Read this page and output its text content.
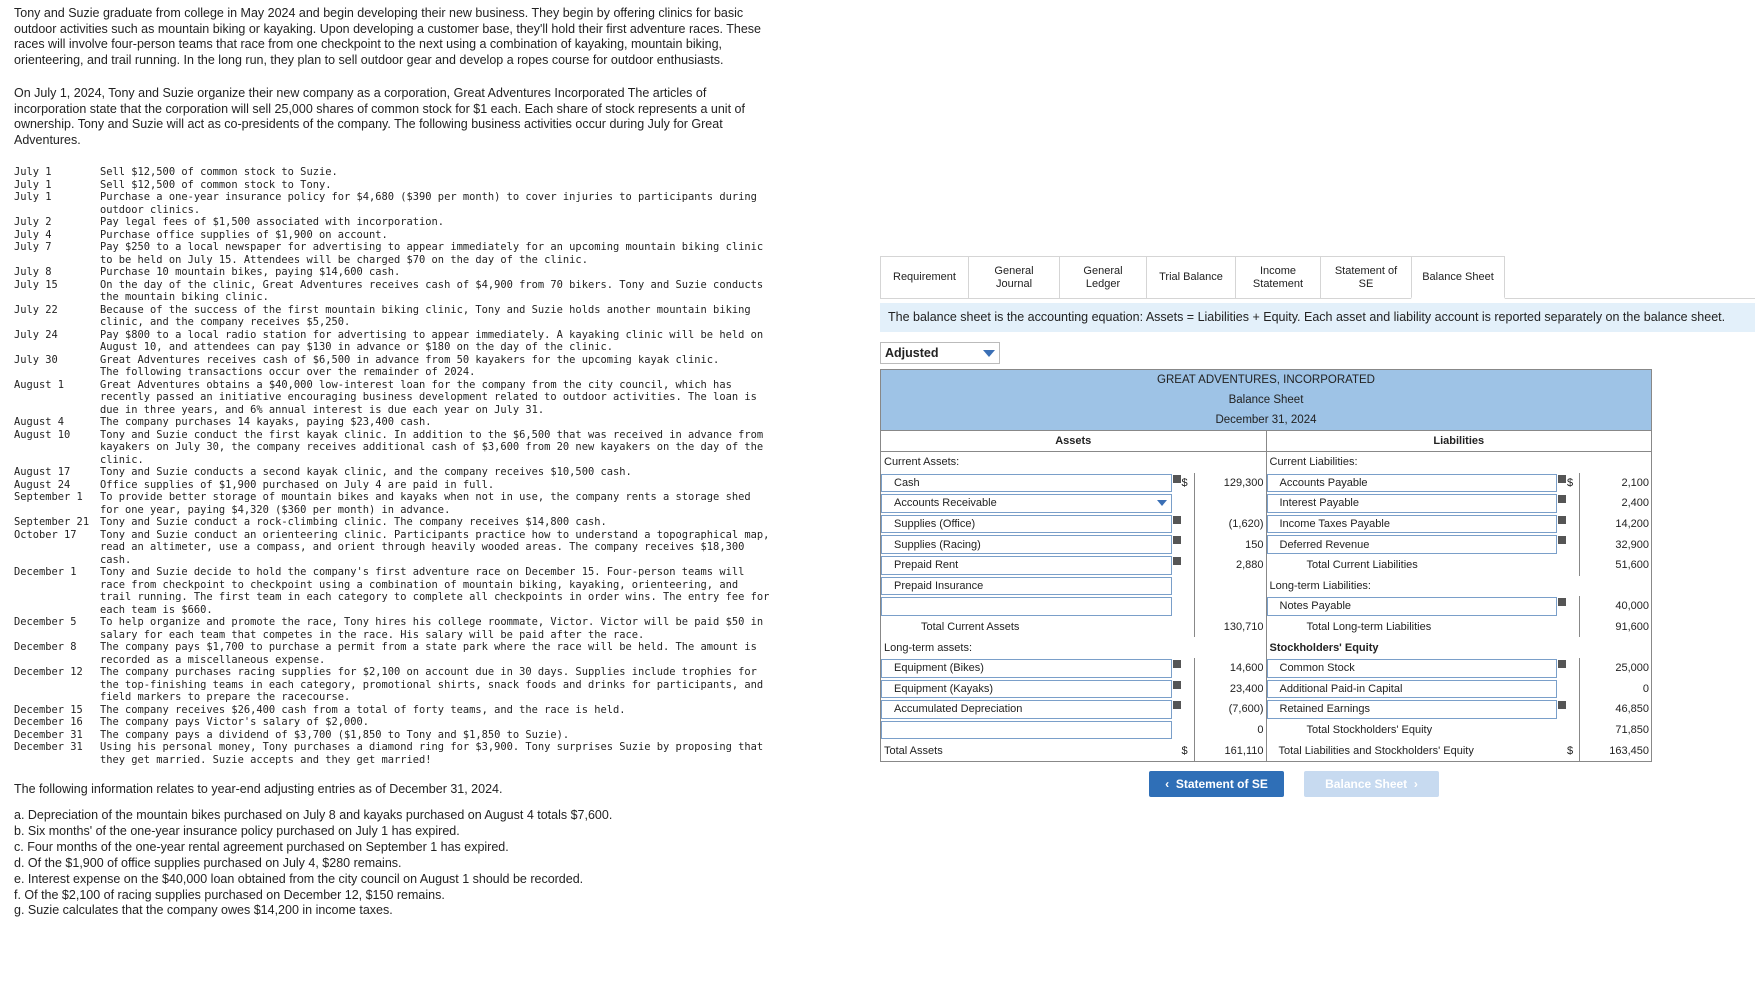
Tony and Suzie graduate from college in May 2024 and begin developing their new business. They begin by offering clinics for basic outdoor activities such as mountain biking or kayaking. Upon developing a customer base, they'll hold their first adventure races. These races will involve four-person teams that race from one checkpoint to the next using a combination of kayaking, mountain biking, orienteering, and trail running. In the long run, they plan to sell outdoor gear and develop a ropes course for outdoor enthusiasts.

On July 1, 2024, Tony and Suzie organize their new company as a corporation, Great Adventures Incorporated The articles of incorporation state that the corporation will sell 25,000 shares of common stock for $1 each. Each share of stock represents a unit of ownership. Tony and Suzie will act as co-presidents of the company. The following business activities occur during July for Great Adventures.

July 1	Sell $12,500 of common stock to Suzie.
July 1	Sell $12,500 of common stock to Tony.
July 1	Purchase a one-year insurance policy for $4,680 ($390 per month) to cover injuries to participants during outdoor clinics.
July 2	Pay legal fees of $1,500 associated with incorporation.
July 4	Purchase office supplies of $1,900 on account.
July 7	Pay $250 to a local newspaper for advertising to appear immediately for an upcoming mountain biking clinic to be held on July 15. Attendees will be charged $70 on the day of the clinic.
July 8	Purchase 10 mountain bikes, paying $14,600 cash.
July 15	On the day of the clinic, Great Adventures receives cash of $4,900 from 70 bikers. Tony and Suzie conducts the mountain biking clinic.
July 22	Because of the success of the first mountain biking clinic, Tony and Suzie holds another mountain biking clinic, and the company receives $5,250.
July 24	Pay $800 to a local radio station for advertising to appear immediately. A kayaking clinic will be held on August 10, and attendees can pay $130 in advance or $180 on the day of the clinic.
July 30	Great Adventures receives cash of $6,500 in advance from 50 kayakers for the upcoming kayak clinic.
The following transactions occur over the remainder of 2024.
August 1	Great Adventures obtains a $40,000 low-interest loan for the company from the city council, which has recently passed an initiative encouraging business development related to outdoor activities. The loan is due in three years, and 6% annual interest is due each year on July 31.
August 4	The company purchases 14 kayaks, paying $23,400 cash.
August 10	Tony and Suzie conduct the first kayak clinic. In addition to the $6,500 that was received in advance from kayakers on July 30, the company receives additional cash of $3,600 from 20 new kayakers on the day of the clinic.
August 17	Tony and Suzie conducts a second kayak clinic, and the company receives $10,500 cash.
August 24	Office supplies of $1,900 purchased on July 4 are paid in full.
September 1	To provide better storage of mountain bikes and kayaks when not in use, the company rents a storage shed for one year, paying $4,320 ($360 per month) in advance.
September 21	Tony and Suzie conduct a rock-climbing clinic. The company receives $14,800 cash.
October 17	Tony and Suzie conduct an orienteering clinic. Participants practice how to understand a topographical map, read an altimeter, use a compass, and orient through heavily wooded areas. The company receives $18,300 cash.
December 1	Tony and Suzie decide to hold the company's first adventure race on December 15. Four-person teams will race from checkpoint to checkpoint using a combination of mountain biking, kayaking, orienteering, and trail running. The first team in each category to complete all checkpoints in order wins. The entry fee for each team is $660.
December 5	To help organize and promote the race, Tony hires his college roommate, Victor. Victor will be paid $50 in salary for each team that competes in the race. His salary will be paid after the race.
December 8	The company pays $1,700 to purchase a permit from a state park where the race will be held. The amount is recorded as a miscellaneous expense.
December 12	The company purchases racing supplies for $2,100 on account due in 30 days. Supplies include trophies for the top-finishing teams in each category, promotional shirts, snack foods and drinks for participants, and field markers to prepare the racecourse.
December 15	The company receives $26,400 cash from a total of forty teams, and the race is held.
December 16	The company pays Victor's salary of $2,000.
December 31	The company pays a dividend of $3,700 ($1,850 to Tony and $1,850 to Suzie).
December 31	Using his personal money, Tony purchases a diamond ring for $3,900. Tony surprises Suzie by proposing that they get married. Suzie accepts and they get married!
The following information relates to year-end adjusting entries as of December 31, 2024.
a. Depreciation of the mountain bikes purchased on July 8 and kayaks purchased on August 4 totals $7,600.
b. Six months' of the one-year insurance policy purchased on July 1 has expired.
c. Four months of the one-year rental agreement purchased on September 1 has expired.
d. Of the $1,900 of office supplies purchased on July 4, $280 remains.
e. Interest expense on the $40,000 loan obtained from the city council on August 1 should be recorded.
f. Of the $2,100 of racing supplies purchased on December 12, $150 remains.
g. Suzie calculates that the company owes $14,200 in income taxes.
Requirement
General Journal
General Ledger
Trial Balance
Income Statement
Statement of SE
Balance Sheet
The balance sheet is the accounting equation: Assets = Liabilities + Equity. Each asset and liability account is reported separately on the balance sheet.
Adjusted
GREAT ADVENTURES, INCORPORATED
Balance Sheet
December 31, 2024
Assets
Current Assets:
Cash	$	129,300
Accounts Receivable
Supplies (Office)	(1,620)
Supplies (Racing)	150
Prepaid Rent	2,880
Prepaid Insurance
Total Current Assets	130,710
Long-term assets:
Equipment (Bikes)	14,600
Equipment (Kayaks)	23,400
Accumulated Depreciation	(7,600)
0
Total Assets	$	161,110
Liabilities
Current Liabilities:
Accounts Payable	$	2,100
Interest Payable	2,400
Income Taxes Payable	14,200
Deferred Revenue	32,900
Total Current Liabilities	51,600
Long-term Liabilities:
Notes Payable	40,000
Total Long-term Liabilities	91,600
Stockholders' Equity
Common Stock	25,000
Additional Paid-in Capital	0
Retained Earnings	46,850
Total Stockholders' Equity	71,850
Total Liabilities and Stockholders' Equity	$	163,450
‹ Statement of SE	Balance Sheet ›
